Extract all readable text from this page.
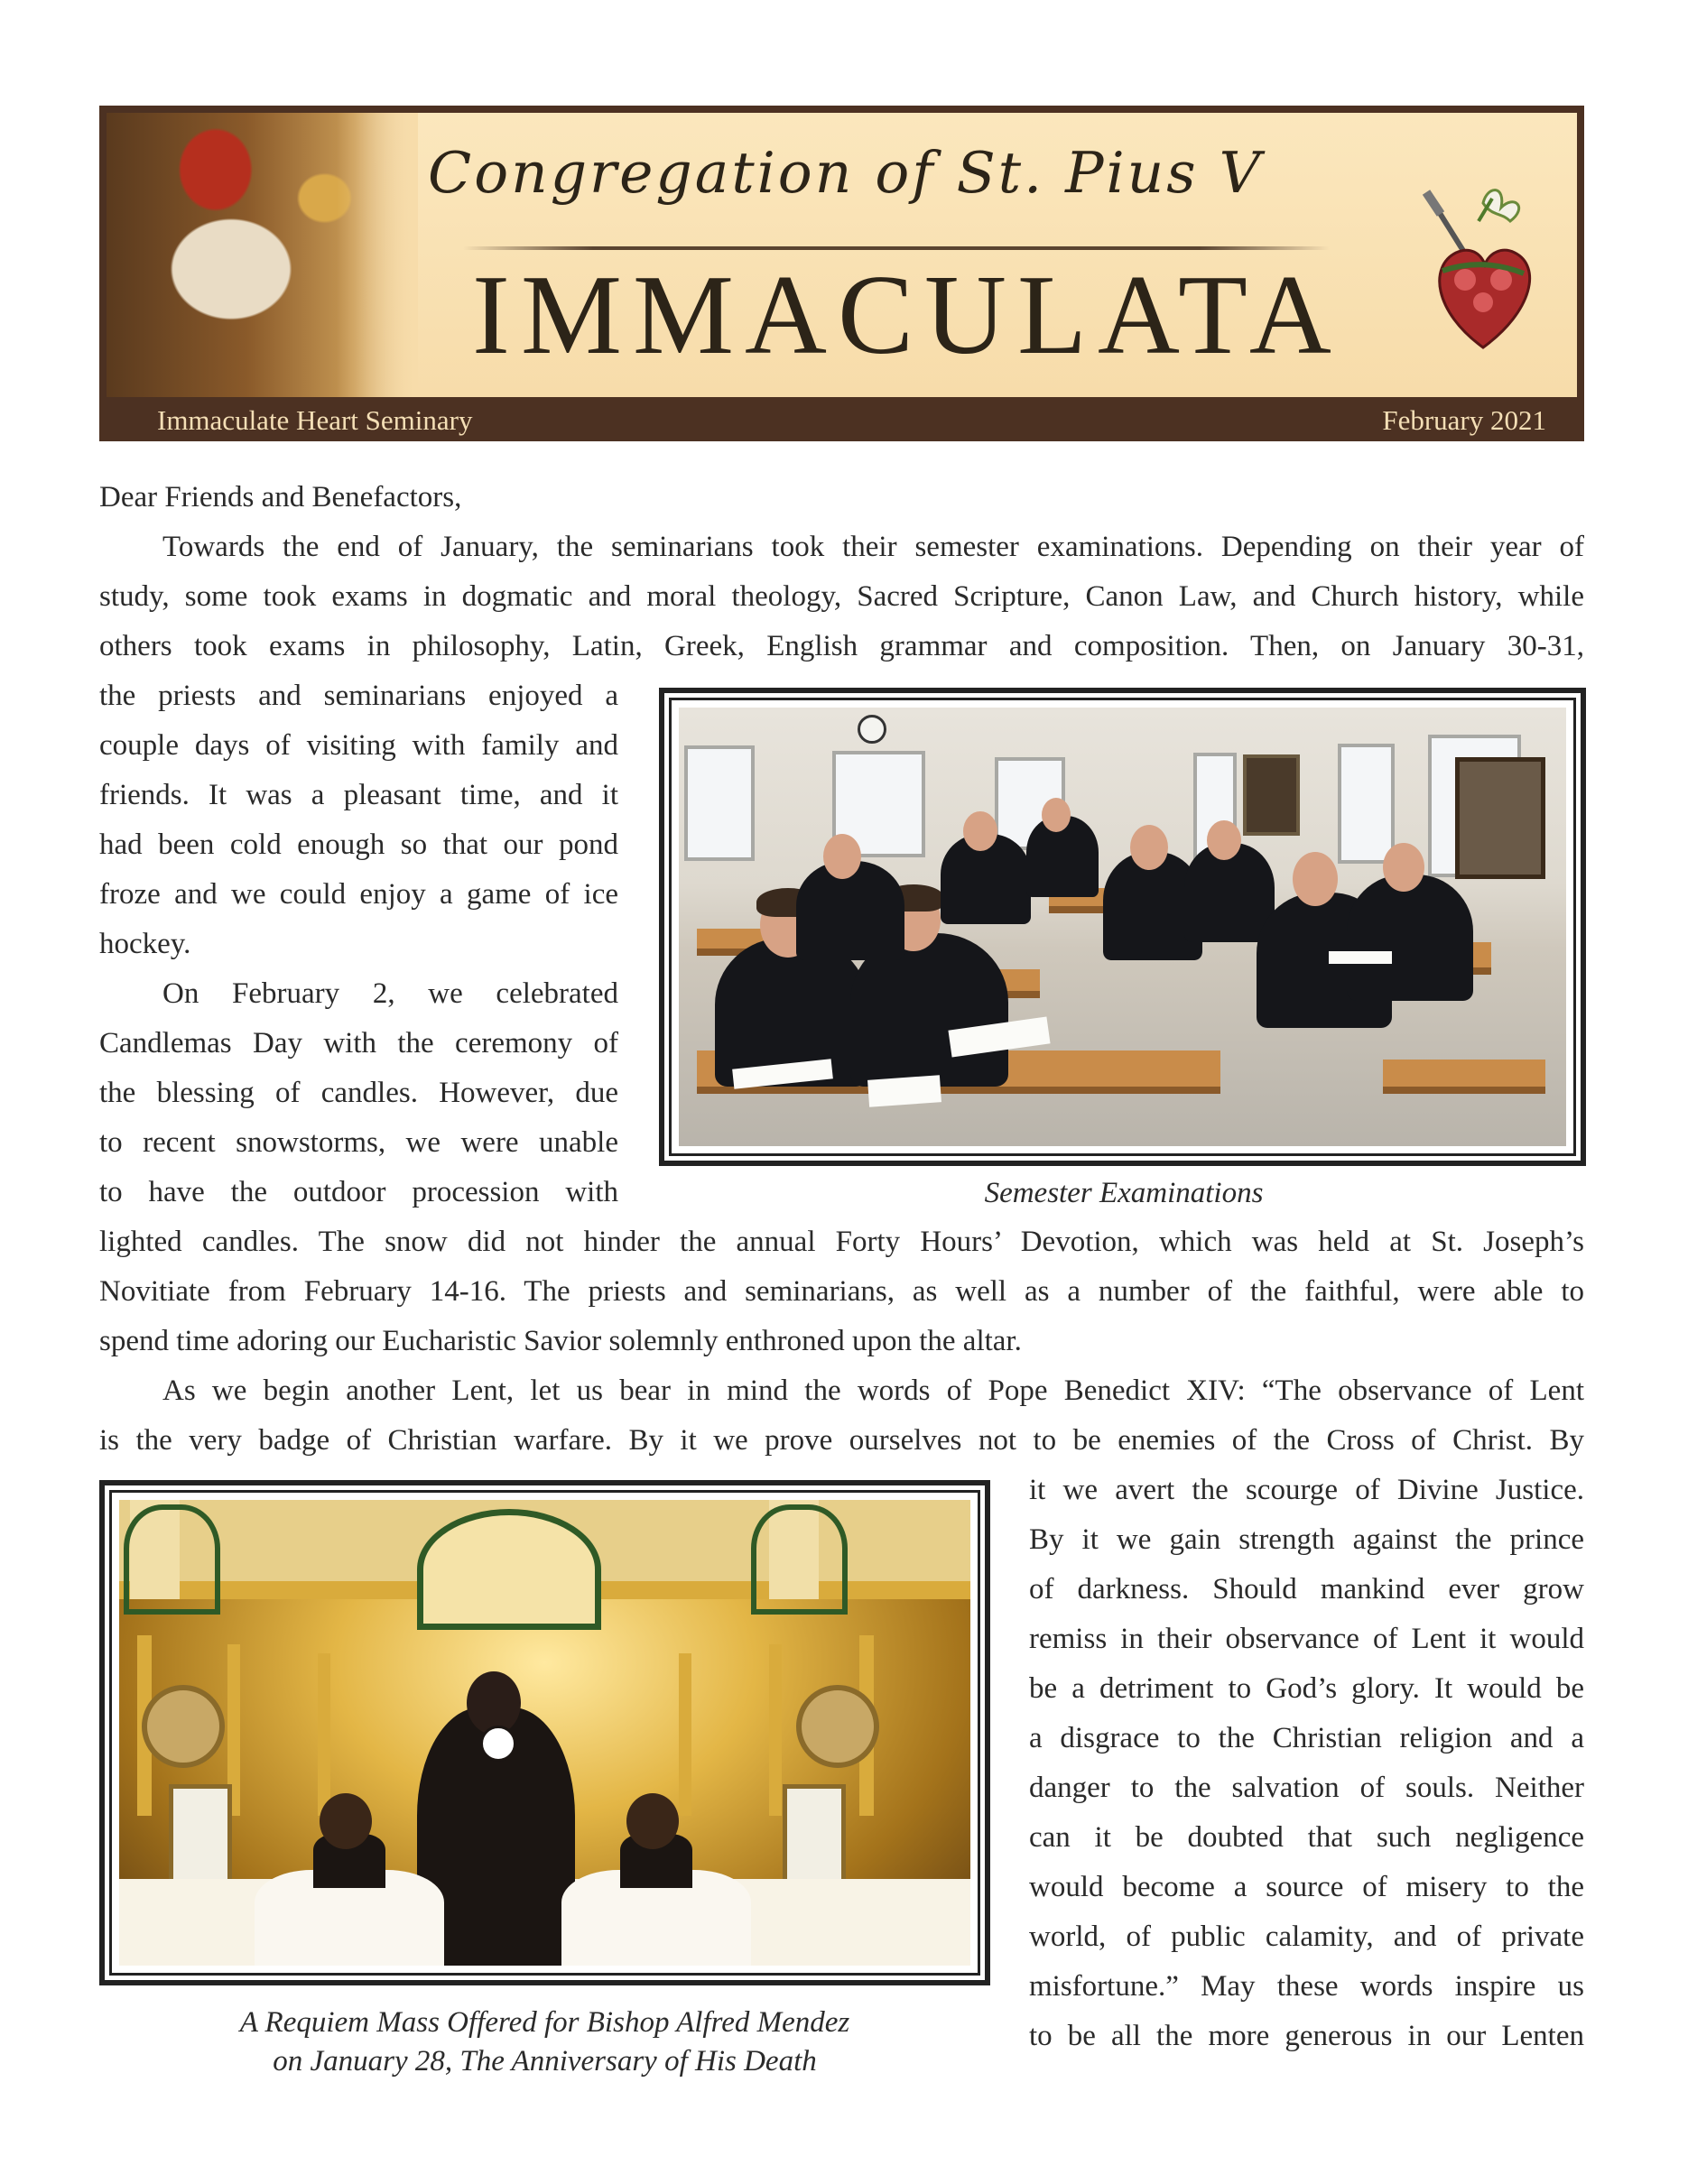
Congregation of St. Pius V
IMMACULATA
Immaculate Heart Seminary	February 2021
Dear Friends and Benefactors,
Towards the end of January, the seminarians took their semester examinations. Depending on their year of
study, some took exams in dogmatic and moral theology, Sacred Scripture, Canon Law, and Church history, while
others took exams in philosophy, Latin, Greek, English grammar and composition. Then, on January 30-31,
the priests and seminarians enjoyed a
couple days of visiting with family and
friends. It was a pleasant time, and it
had been cold enough so that our pond
froze and we could enjoy a game of ice
hockey.
On February 2, we celebrated
Candlemas Day with the ceremony of
the blessing of candles. However, due
to recent snowstorms, we were unable
to have the outdoor procession with
lighted candles. The snow did not hinder the annual Forty Hours’ Devotion, which was held at St. Joseph’s
Novitiate from February 14-16. The priests and seminarians, as well as a number of the faithful, were able to
spend time adoring our Eucharistic Savior solemnly enthroned upon the altar.
As we begin another Lent, let us bear in mind the words of Pope Benedict XIV: “The observance of Lent
is the very badge of Christian warfare. By it we prove ourselves not to be enemies of the Cross of Christ. By
it we avert the scourge of Divine Justice.
By it we gain strength against the prince
of darkness. Should mankind ever grow
remiss in their observance of Lent it would
be a detriment to God’s glory. It would be
a disgrace to the Christian religion and a
danger to the salvation of souls. Neither
can it be doubted that such negligence
would become a source of misery to the
world, of public calamity, and of private
misfortune.” May these words inspire us
to be all the more generous in our Lenten
Semester Examinations
A Requiem Mass Offered for Bishop Alfred Mendez
on January 28, The Anniversary of His Death
